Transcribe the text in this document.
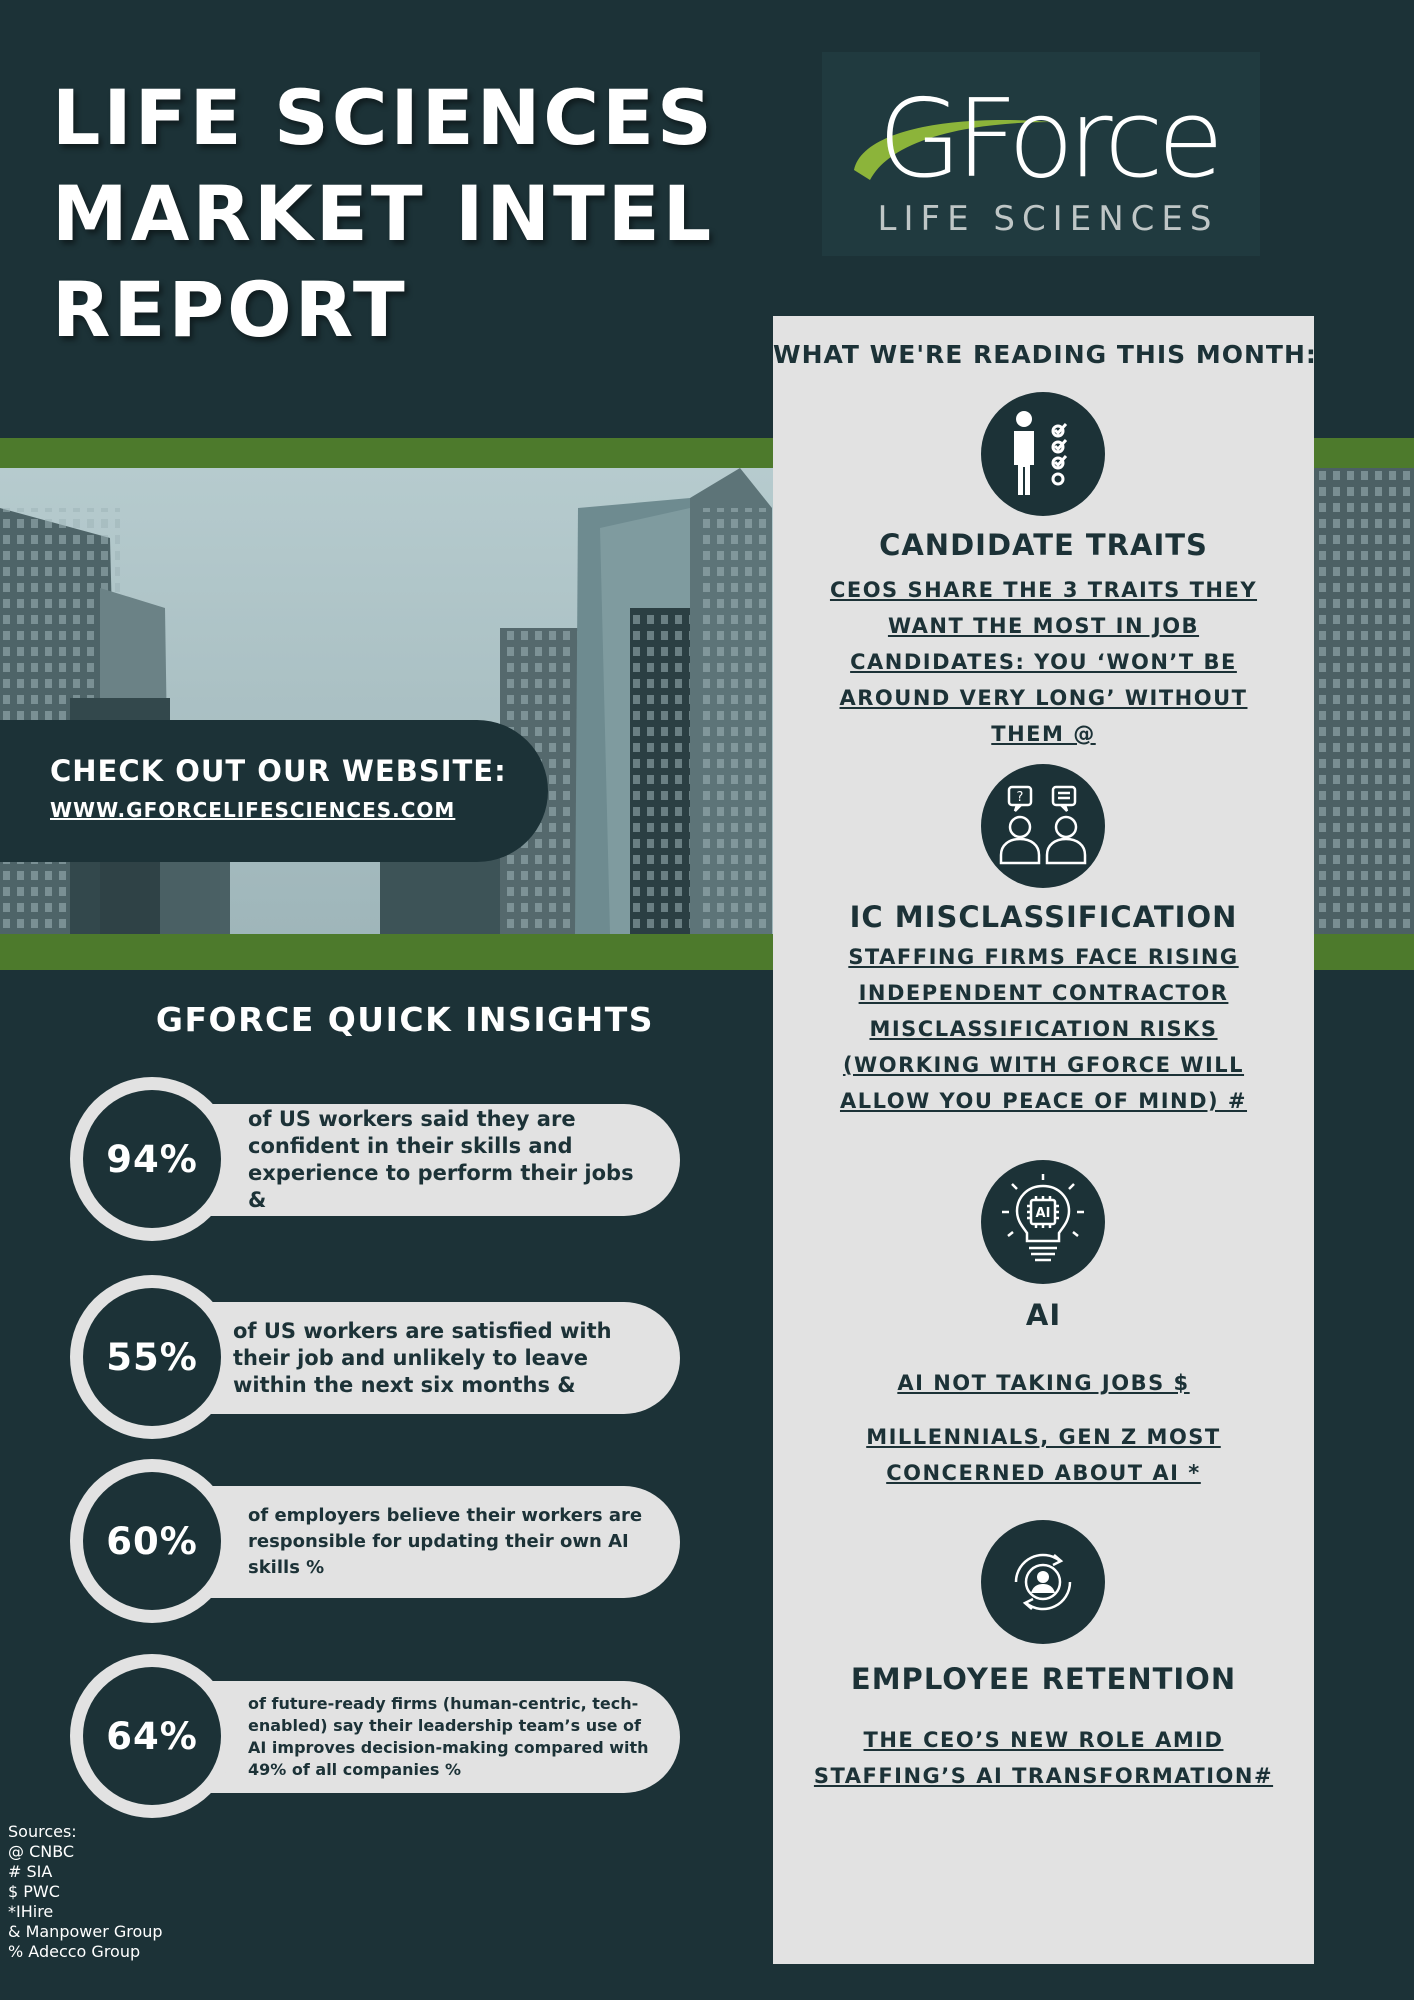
LIFE SCIENCES
MARKET INTEL
REPORT
GForce
LIFE SCIENCES
CHECK OUT OUR WEBSITE:
WWW.GFORCELIFESCIENCES.COM
GFORCE QUICK INSIGHTS
94%
of US workers said they are confident in their skills and experience to perform their jobs &
55%
of US workers are satisfied with their job and unlikely to leave within the next six months &
60%
of employers believe their workers are responsible for updating their own AI skills %
64%
of future-ready firms (human-centric, tech-enabled) say their leadership team’s use of AI improves decision-making compared with 49% of all companies %
Sources:
@ CNBC
# SIA
$ PWC
*IHire
& Manpower Group
% Adecco Group
WHAT WE'RE READING THIS MONTH:
CANDIDATE TRAITS
CEOS SHARE THE 3 TRAITS THEY WANT THE MOST IN JOB CANDIDATES: YOU ‘WON’T BE AROUND VERY LONG’ WITHOUT THEM @
?
IC MISCLASSIFICATION
STAFFING FIRMS FACE RISING INDEPENDENT CONTRACTOR MISCLASSIFICATION RISKS (WORKING WITH GFORCE WILL ALLOW YOU PEACE OF MIND) #
AI
AI
AI NOT TAKING JOBS $
MILLENNIALS, GEN Z MOST CONCERNED ABOUT AI *
EMPLOYEE RETENTION
THE CEO’S NEW ROLE AMID STAFFING’S AI TRANSFORMATION#
